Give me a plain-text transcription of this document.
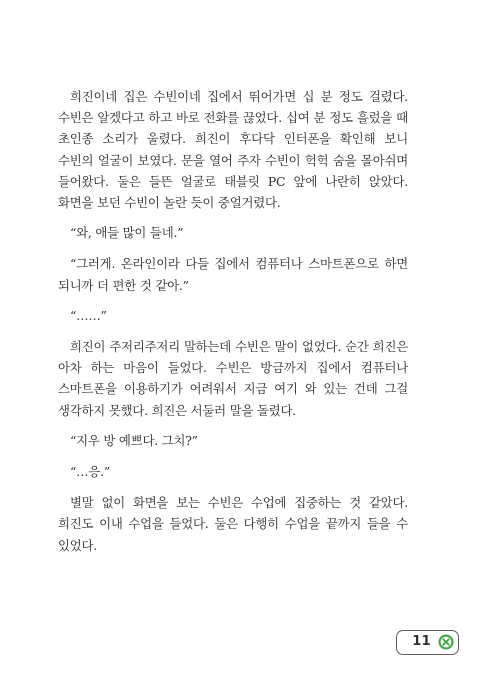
희진이네 집은 수빈이네 집에서 뛰어가면 십 분 정도 걸렸다. 수빈은 알겠다고 하고 바로 전화를 끊었다. 십여 분 정도 흘렀을 때 초인종 소리가 울렸다. 희진이 후다닥 인터폰을 확인해 보니 수빈의 얼굴이 보였다. 문을 열어 주자 수빈이 헉헉 숨을 몰아쉬며 들어왔다. 둘은 들뜬 얼굴로 태블릿 PC 앞에 나란히 앉았다. 화면을 보던 수빈이 놀란 듯이 중얼거렸다.

“와, 애들 많이 들네.”

“그러게. 온라인이라 다들 집에서 컴퓨터나 스마트폰으로 하면 되니까 더 편한 것 같아.”

“……”

희진이 주저리주저리 말하는데 수빈은 말이 없었다. 순간 희진은 아차 하는 마음이 들었다. 수빈은 방금까지 집에서 컴퓨터나 스마트폰을 이용하기가 어려워서 지금 여기 와 있는 건데 그걸 생각하지 못했다. 희진은 서둘러 말을 돌렸다.

“지우 방 예쁘다. 그치?”

“…응.”

별말 없이 화면을 보는 수빈은 수업에 집중하는 것 같았다. 희진도 이내 수업을 들었다. 둘은 다행히 수업을 끝까지 들을 수 있었다.

11
